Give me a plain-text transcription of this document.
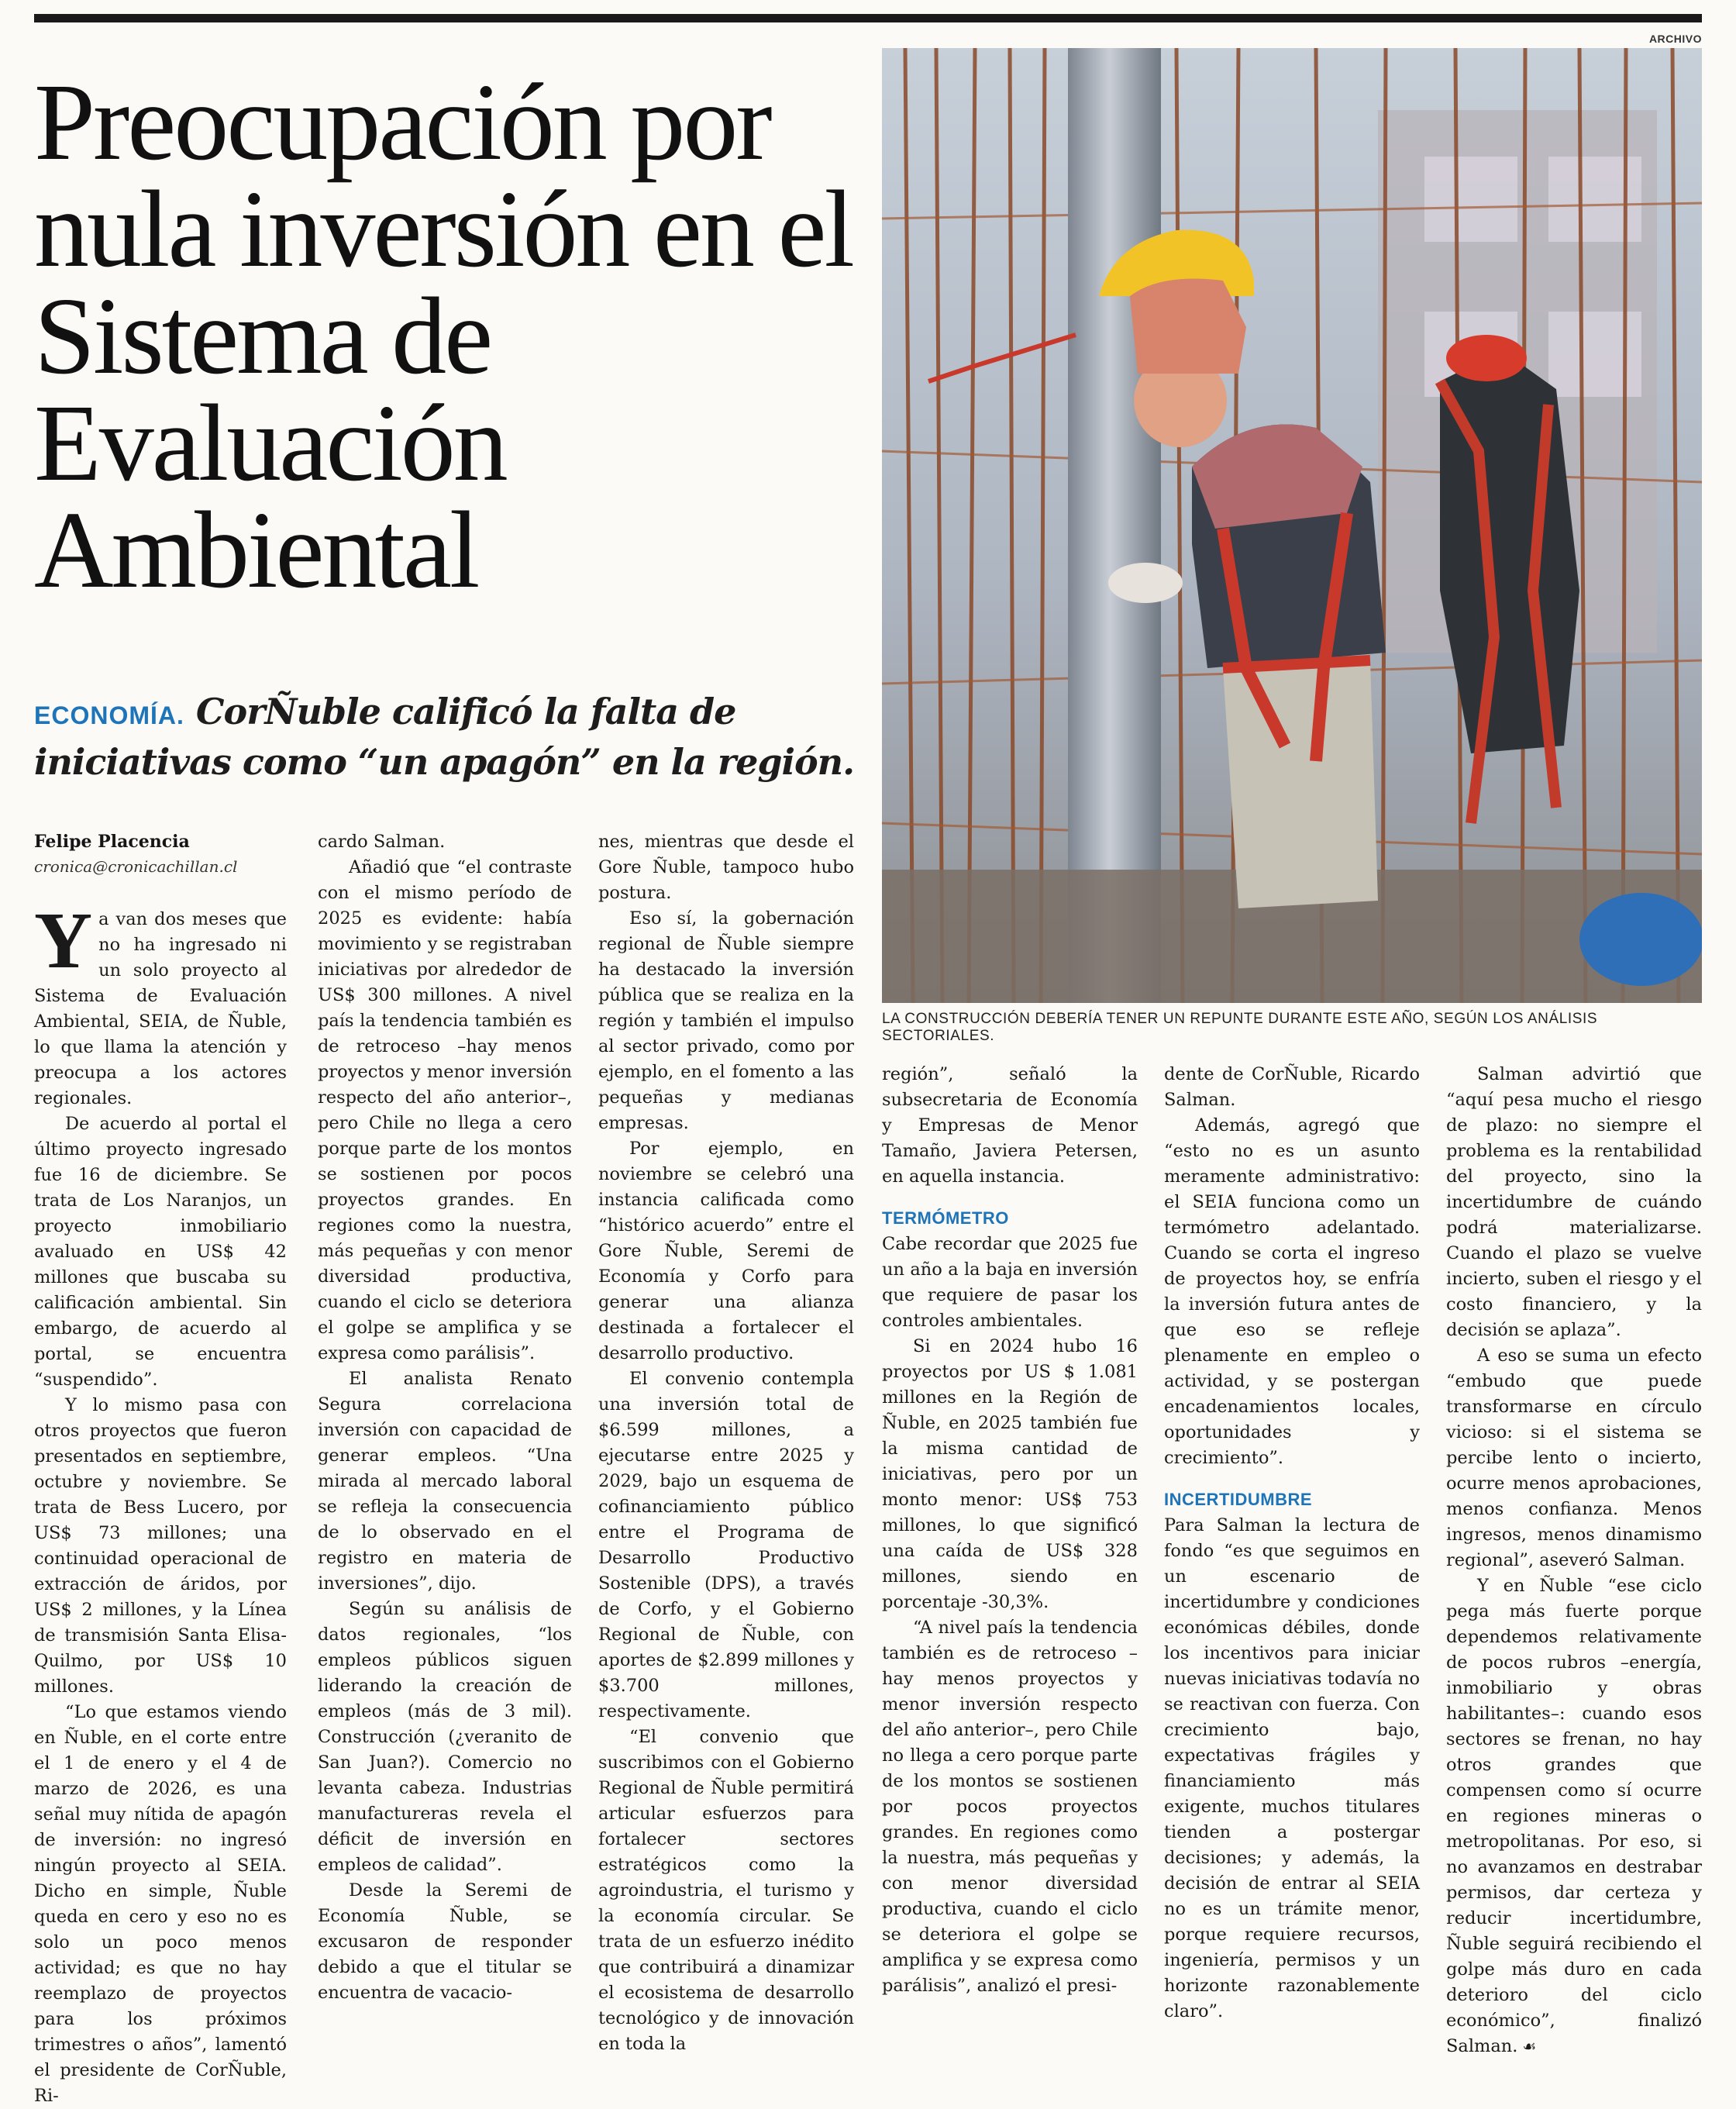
ARCHIVO
Preocupación por nula inversión en el Sistema de Evaluación Ambiental

ECONOMÍA. CorÑuble calificó la falta de iniciativas como “un apagón” en la región.

Felipe Placencia
cronica@cronicachillan.cl
LA CONSTRUCCIÓN DEBERÍA TENER UN REPUNTE DURANTE ESTE AÑO, SEGÚN LOS ANÁLISIS SECTORIALES.

Ya van dos meses que no ha ingresado ni un solo proyecto al Sistema de Evaluación Ambiental, SEIA, de Ñuble, lo que llama la atención y preocupa a los actores regionales.

De acuerdo al portal el último proyecto ingresado fue 16 de diciembre. Se trata de Los Naranjos, un proyecto inmobiliario avaluado en US$ 42 millones que buscaba su calificación ambiental. Sin embargo, de acuerdo al portal, se encuentra “suspendido”.

Y lo mismo pasa con otros proyectos que fueron presentados en septiembre, octubre y noviembre. Se trata de Bess Lucero, por US$ 73 millones; una continuidad operacional de extracción de áridos, por US$ 2 millones, y la Línea de transmisión Santa Elisa-Quilmo, por US$ 10 millones.

“Lo que estamos viendo en Ñuble, en el corte entre el 1 de enero y el 4 de marzo de 2026, es una señal muy nítida de apagón de inversión: no ingresó ningún proyecto al SEIA. Dicho en simple, Ñuble queda en cero y eso no es solo un poco menos actividad; es que no hay reemplazo de proyectos para los próximos trimestres o años”, lamentó el presidente de CorÑuble, Ri-

cardo Salman.

Añadió que “el contraste con el mismo período de 2025 es evidente: había movimiento y se registraban iniciativas por alrededor de US$ 300 millones. A nivel país la tendencia también es de retroceso –hay menos proyectos y menor inversión respecto del año anterior–, pero Chile no llega a cero porque parte de los montos se sostienen por pocos proyectos grandes. En regiones como la nuestra, más pequeñas y con menor diversidad productiva, cuando el ciclo se deteriora el golpe se amplifica y se expresa como parálisis”.

El analista Renato Segura correlaciona inversión con capacidad de generar empleos. “Una mirada al mercado laboral se refleja la consecuencia de lo observado en el registro en materia de inversiones”, dijo.

Según su análisis de datos regionales, “los empleos públicos siguen liderando la creación de empleos (más de 3 mil). Construcción (¿veranito de San Juan?). Comercio no levanta cabeza. Industrias manufactureras revela el déficit de inversión en empleos de calidad”.

Desde la Seremi de Economía Ñuble, se excusaron de responder debido a que el titular se encuentra de vacacio-

nes, mientras que desde el Gore Ñuble, tampoco hubo postura.

Eso sí, la gobernación regional de Ñuble siempre ha destacado la inversión pública que se realiza en la región y también el impulso al sector privado, como por ejemplo, en el fomento a las pequeñas y medianas empresas.

Por ejemplo, en noviembre se celebró una instancia calificada como “histórico acuerdo” entre el Gore Ñuble, Seremi de Economía y Corfo para generar una alianza destinada a fortalecer el desarrollo productivo.

El convenio contempla una inversión total de $6.599 millones, a ejecutarse entre 2025 y 2029, bajo un esquema de cofinanciamiento público entre el Programa de Desarrollo Productivo Sostenible (DPS), a través de Corfo, y el Gobierno Regional de Ñuble, con aportes de $2.899 millones y $3.700 millones, respectivamente.

“El convenio que suscribimos con el Gobierno Regional de Ñuble permitirá articular esfuerzos para fortalecer sectores estratégicos como la agroindustria, el turismo y la economía circular. Se trata de un esfuerzo inédito que contribuirá a dinamizar el ecosistema de desarrollo tecnológico y de innovación en toda la

región”, señaló la subsecretaria de Economía y Empresas de Menor Tamaño, Javiera Petersen, en aquella instancia.

TERMÓMETRO

Cabe recordar que 2025 fue un año a la baja en inversión que requiere de pasar los controles ambientales.

Si en 2024 hubo 16 proyectos por US $ 1.081 millones en la Región de Ñuble, en 2025 también fue la misma cantidad de iniciativas, pero por un monto menor: US$ 753 millones, lo que significó una caída de US$ 328 millones, siendo en porcentaje -30,3%.

“A nivel país la tendencia también es de retroceso –hay menos proyectos y menor inversión respecto del año anterior–, pero Chile no llega a cero porque parte de los montos se sostienen por pocos proyectos grandes. En regiones como la nuestra, más pequeñas y con menor diversidad productiva, cuando el ciclo se deteriora el golpe se amplifica y se expresa como parálisis”, analizó el presi-

dente de CorÑuble, Ricardo Salman.

Además, agregó que “esto no es un asunto meramente administrativo: el SEIA funciona como un termómetro adelantado. Cuando se corta el ingreso de proyectos hoy, se enfría la inversión futura antes de que eso se refleje plenamente en empleo o actividad, y se postergan encadenamientos locales, oportunidades y crecimiento”.

INCERTIDUMBRE

Para Salman la lectura de fondo “es que seguimos en un escenario de incertidumbre y condiciones económicas débiles, donde los incentivos para iniciar nuevas iniciativas todavía no se reactivan con fuerza. Con crecimiento bajo, expectativas frágiles y financiamiento más exigente, muchos titulares tienden a postergar decisiones; y además, la decisión de entrar al SEIA no es un trámite menor, porque requiere recursos, ingeniería, permisos y un horizonte razonablemente claro”.

Salman advirtió que “aquí pesa mucho el riesgo de plazo: no siempre el problema es la rentabilidad del proyecto, sino la incertidumbre de cuándo podrá materializarse. Cuando el plazo se vuelve incierto, suben el riesgo y el costo financiero, y la decisión se aplaza”.

A eso se suma un efecto “embudo que puede transformarse en círculo vicioso: si el sistema se percibe lento o incierto, ocurre menos aprobaciones, menos confianza. Menos ingresos, menos dinamismo regional”, aseveró Salman.

Y en Ñuble “ese ciclo pega más fuerte porque dependemos relativamente de pocos rubros –energía, inmobiliario y obras habilitantes–: cuando esos sectores se frenan, no hay otros grandes que compensen como sí ocurre en regiones mineras o metropolitanas. Por eso, si no avanzamos en destrabar permisos, dar certeza y reducir incertidumbre, Ñuble seguirá recibiendo el golpe más duro en cada deterioro del ciclo económico”, finalizó Salman. ☙
